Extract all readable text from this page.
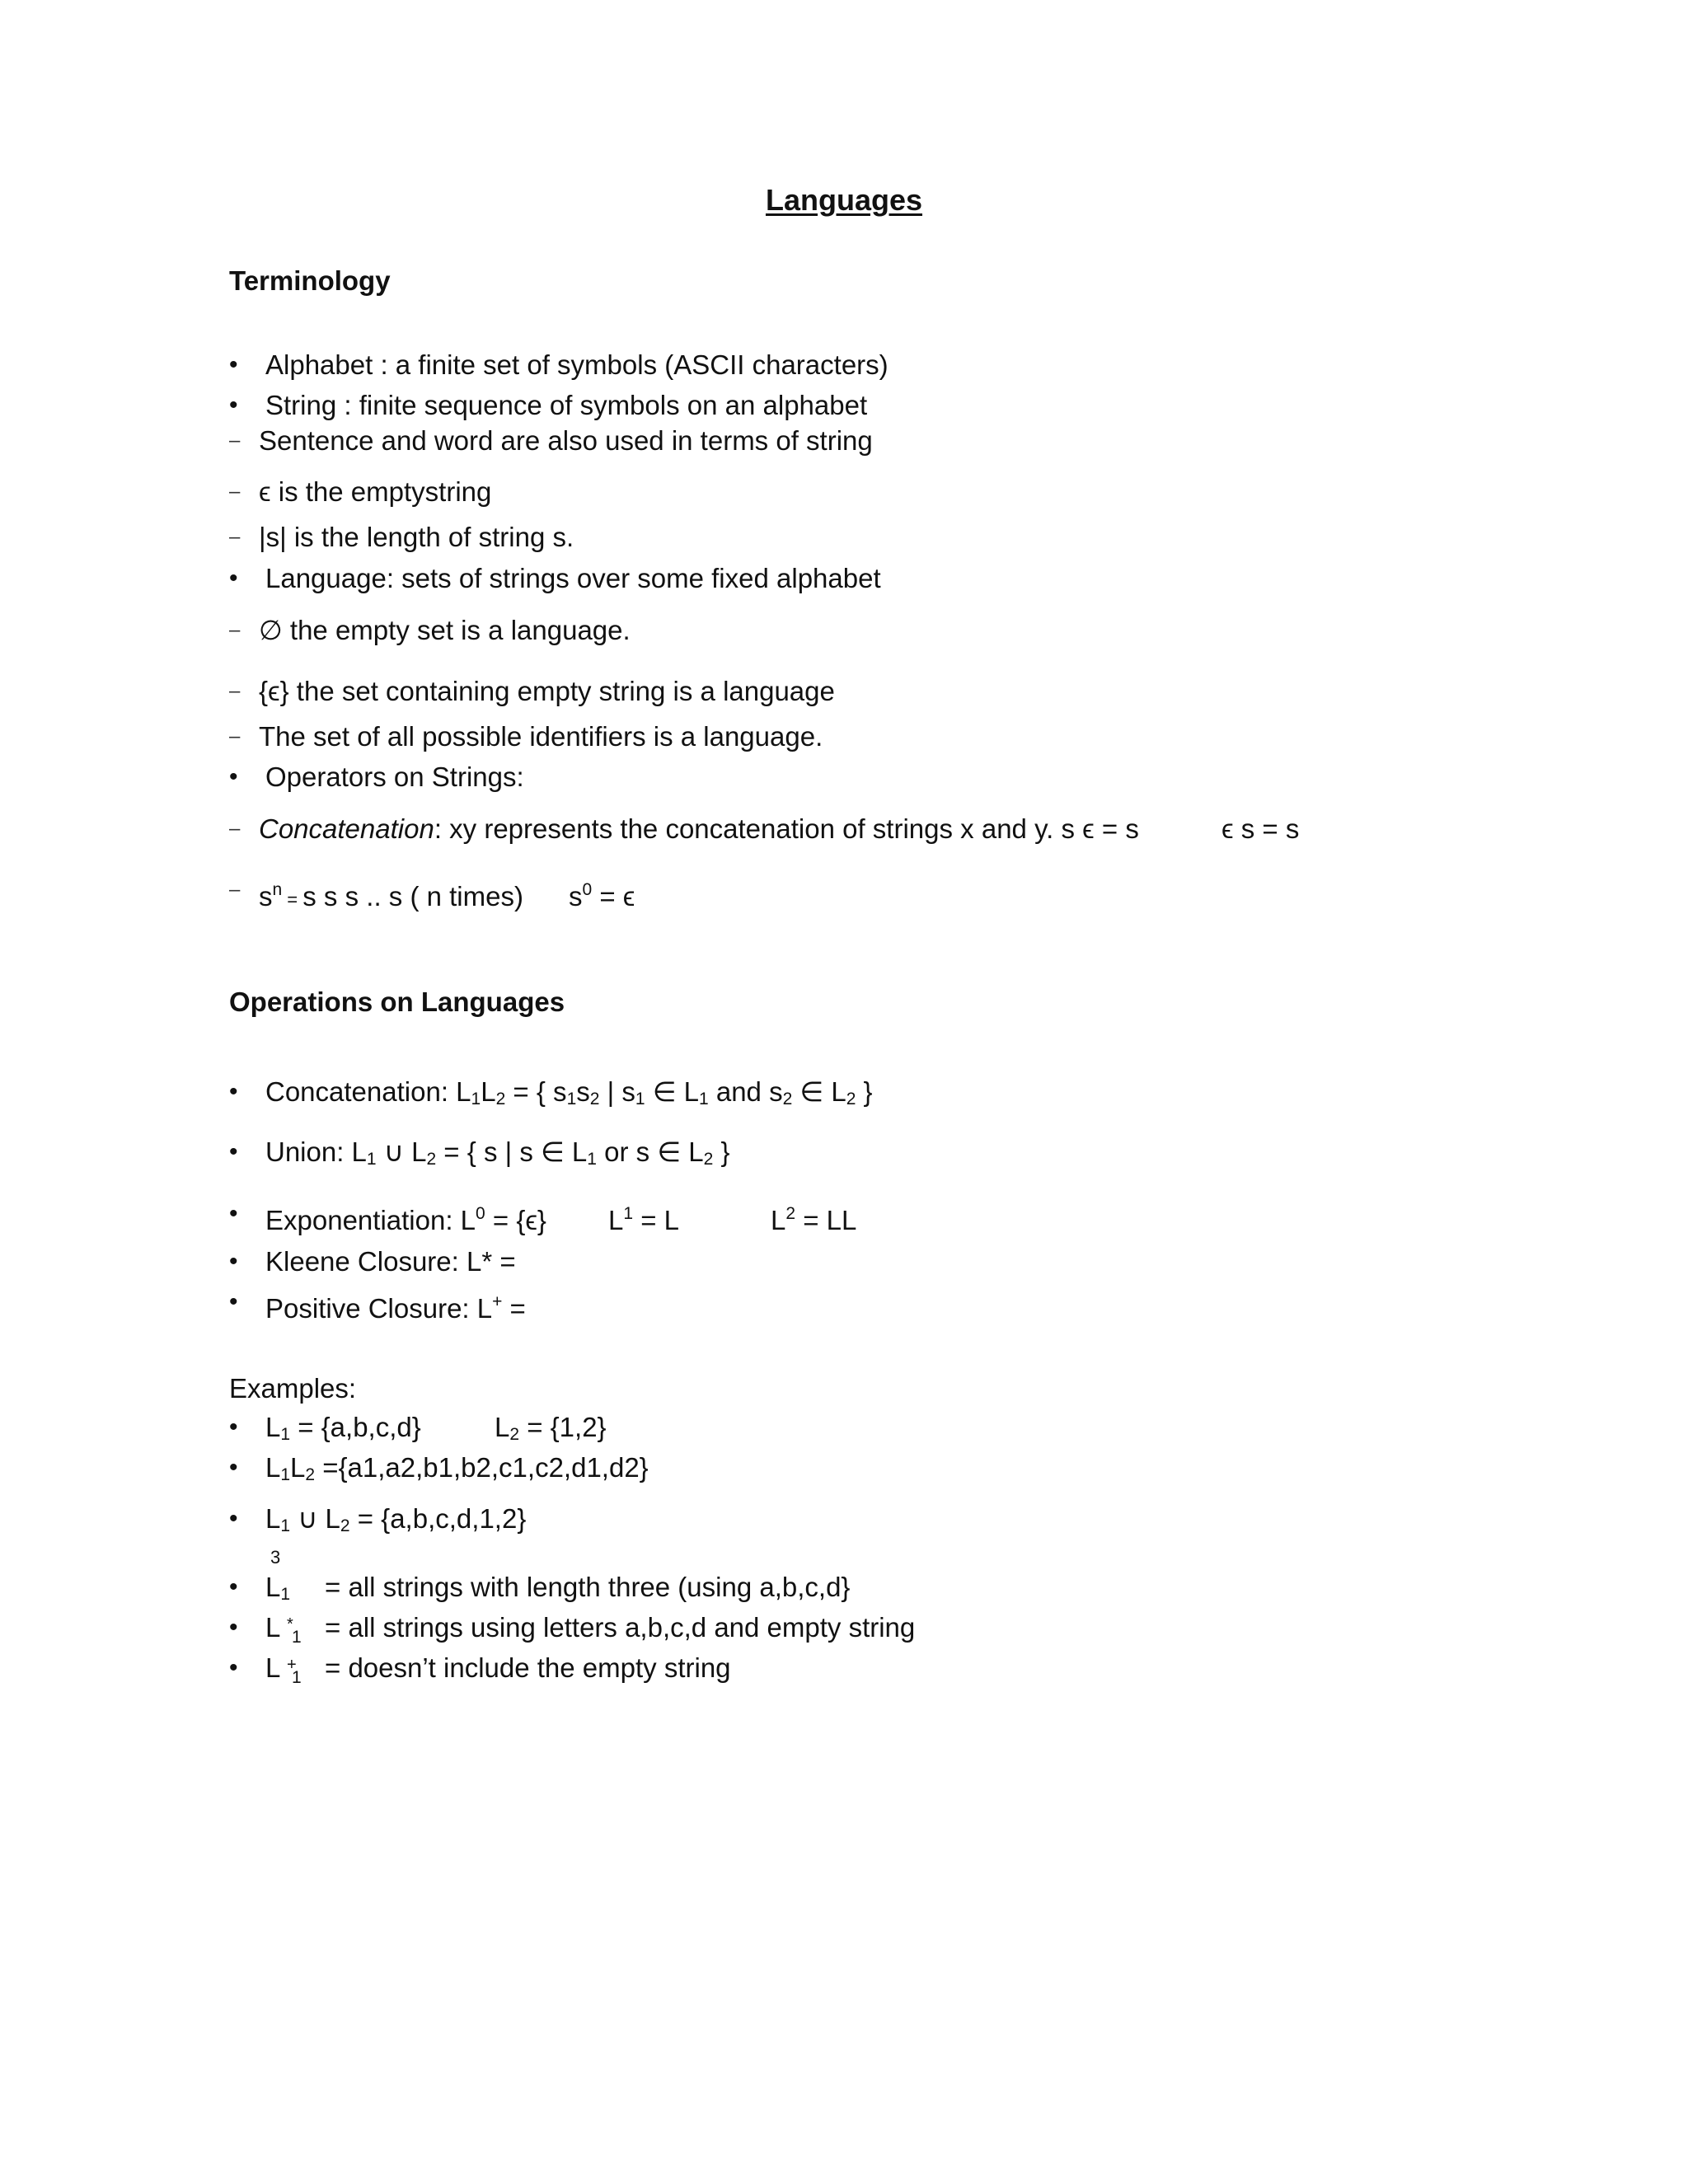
Languages
Terminology
•	Alphabet : a finite set of symbols (ASCII characters)
•	String : finite sequence of symbols on an alphabet
– Sentence and word are also used in terms of string
– ϵ is the emptystring
– |s| is the length of string s.
•	Language: sets of strings over some fixed alphabet
– ∅ the empty set is a language.
– {ϵ} the set containing empty string is a language
– The set of all possible identifiers is a language.
•	Operators on Strings:
– Concatenation: xy represents the concatenation of strings x and y. s ϵ = s	ϵ s = s
– $s^n = s$ s s .. s ( n times) $s^0 = \epsilon$
Operations on Languages
•	Concatenation: L1L2 = { s1s2 | s1 ∈ L1 and s2 ∈ L2 }
•	Union: L1 ∪ L2 = { s | s ∈ L1 or s ∈ L2 }
•	Exponentiation: $L^0 = \{\epsilon\} L^1 = L$	$L^2$ = LL
•	Kleene Closure: L* =
•	Positive Closure: L+ =
Examples:
•	L1 = {a,b,c,d}	L2 = {1,2}
•	L1L2 ={a1,a2,b1,b2,c1,c2,d1,d2}
•	L1 ∪ L2 = {a,b,c,d,1,2}
3
•	L1 = all strings with length three (using a,b,c,d}
•	L *
1 = all strings using letters a,b,c,d and empty string
•	L +
1 = doesn’t include the empty string
